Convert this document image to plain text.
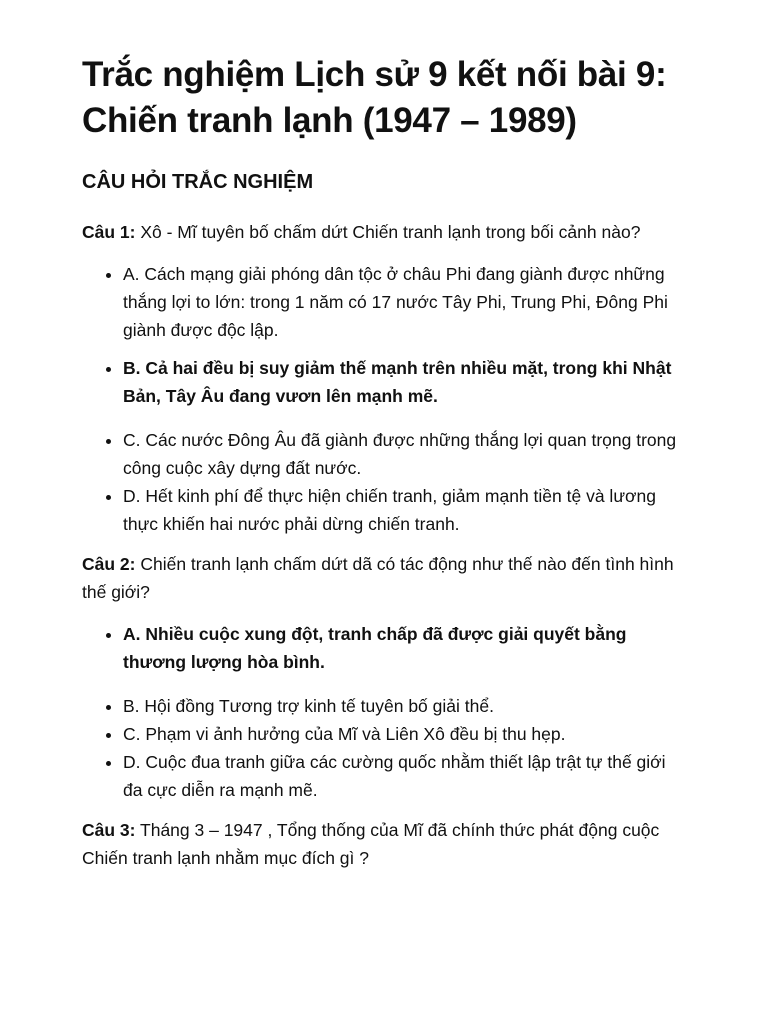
Trắc nghiệm Lịch sử 9 kết nối bài 9: Chiến tranh lạnh (1947 – 1989)
CÂU HỎI TRẮC NGHIỆM

Câu 1: Xô - Mĩ tuyên bố chấm dứt Chiến tranh lạnh trong bối cảnh nào?

• A. Cách mạng giải phóng dân tộc ở châu Phi đang giành được những thắng lợi to lớn: trong 1 năm có 17 nước Tây Phi, Trung Phi, Đông Phi giành được độc lập.
• B. Cả hai đều bị suy giảm thế mạnh trên nhiều mặt, trong khi Nhật Bản, Tây Âu đang vươn lên mạnh mẽ.
• C. Các nước Đông Âu đã giành được những thắng lợi quan trọng trong công cuộc xây dựng đất nước.
• D. Hết kinh phí để thực hiện chiến tranh, giảm mạnh tiền tệ và lương thực khiến hai nước phải dừng chiến tranh.

Câu 2: Chiến tranh lạnh chấm dứt dã có tác động như thế nào đến tình hình thế giới?

• A. Nhiều cuộc xung đột, tranh chấp đã được giải quyết bằng thương lượng hòa bình.
• B. Hội đồng Tương trợ kinh tế tuyên bố giải thể.
• C. Phạm vi ảnh hưởng của Mĩ và Liên Xô đều bị thu hẹp.
• D. Cuộc đua tranh giữa các cường quốc nhằm thiết lập trật tự thế giới đa cực diễn ra mạnh mẽ.

Câu 3: Tháng 3 – 1947 , Tổng thống của Mĩ đã chính thức phát động cuộc Chiến tranh lạnh nhằm mục đích gì ?
